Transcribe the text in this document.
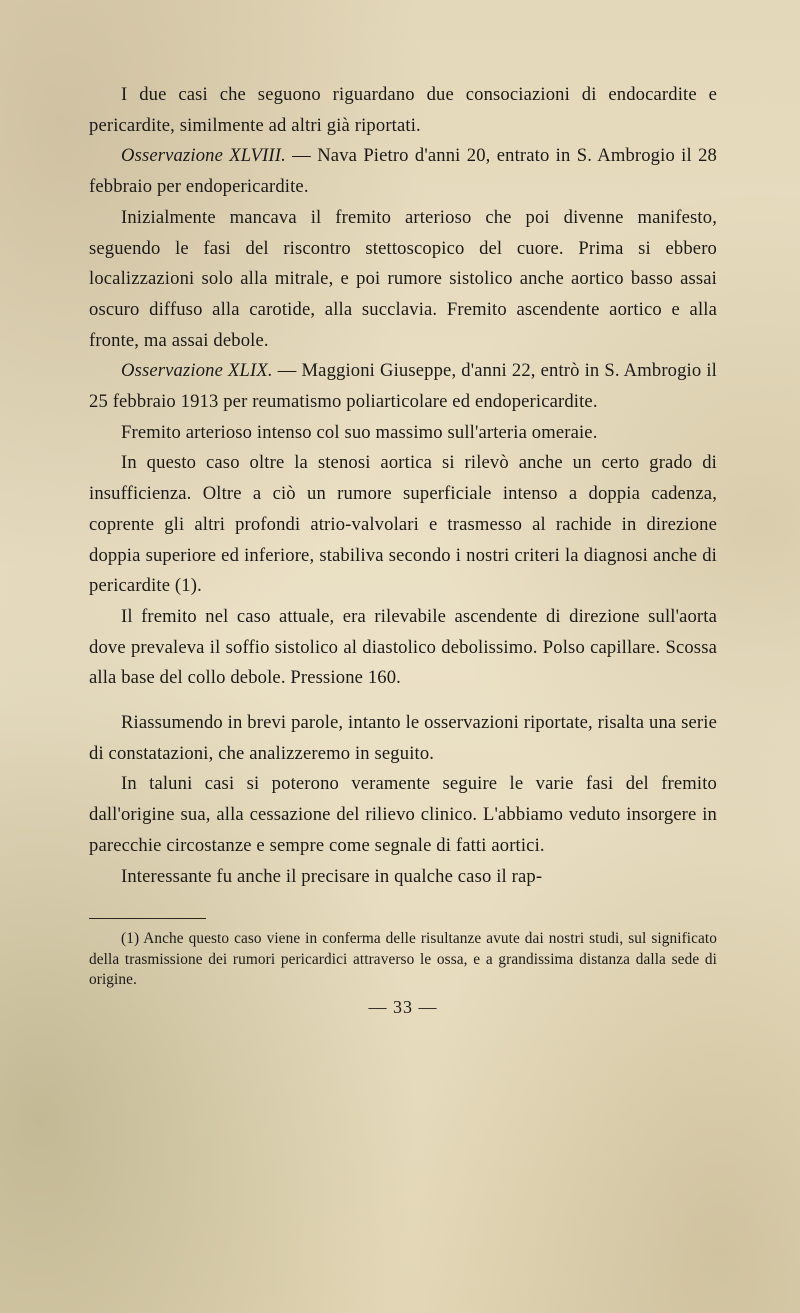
I due casi che seguono riguardano due consociazioni di endocardite e pericardite, similmente ad altri già riportati.

Osservazione XLVIII. — Nava Pietro d'anni 20, entrato in S. Ambrogio il 28 febbraio per endopericardite.

Inizialmente mancava il fremito arterioso che poi divenne manifesto, seguendo le fasi del riscontro stettoscopico del cuore. Prima si ebbero localizzazioni solo alla mitrale, e poi rumore sistolico anche aortico basso assai oscuro diffuso alla carotide, alla succlavia. Fremito ascendente aortico e alla fronte, ma assai debole.

Osservazione XLIX. — Maggioni Giuseppe, d'anni 22, entrò in S. Ambrogio il 25 febbraio 1913 per reumatismo poliarticolare ed endopericardite.

Fremito arterioso intenso col suo massimo sull'arteria omeraie.

In questo caso oltre la stenosi aortica si rilevò anche un certo grado di insufficienza. Oltre a ciò un rumore superficiale intenso a doppia cadenza, coprente gli altri profondi atrio-valvolari e trasmesso al rachide in direzione doppia superiore ed inferiore, stabiliva secondo i nostri criteri la diagnosi anche di pericardite (1).

Il fremito nel caso attuale, era rilevabile ascendente di direzione sull'aorta dove prevaleva il soffio sistolico al diastolico debolissimo. Polso capillare. Scossa alla base del collo debole. Pressione 160.

Riassumendo in brevi parole, intanto le osservazioni riportate, risalta una serie di constatazioni, che analizzeremo in seguito.

In taluni casi si poterono veramente seguire le varie fasi del fremito dall'origine sua, alla cessazione del rilievo clinico. L'abbiamo veduto insorgere in parecchie circostanze e sempre come segnale di fatti aortici.

Interessante fu anche il precisare in qualche caso il rap-

(1) Anche questo caso viene in conferma delle risultanze avute dai nostri studi, sul significato della trasmissione dei rumori pericardici attraverso le ossa, e a grandissima distanza dalla sede di origine.

— 33 —
